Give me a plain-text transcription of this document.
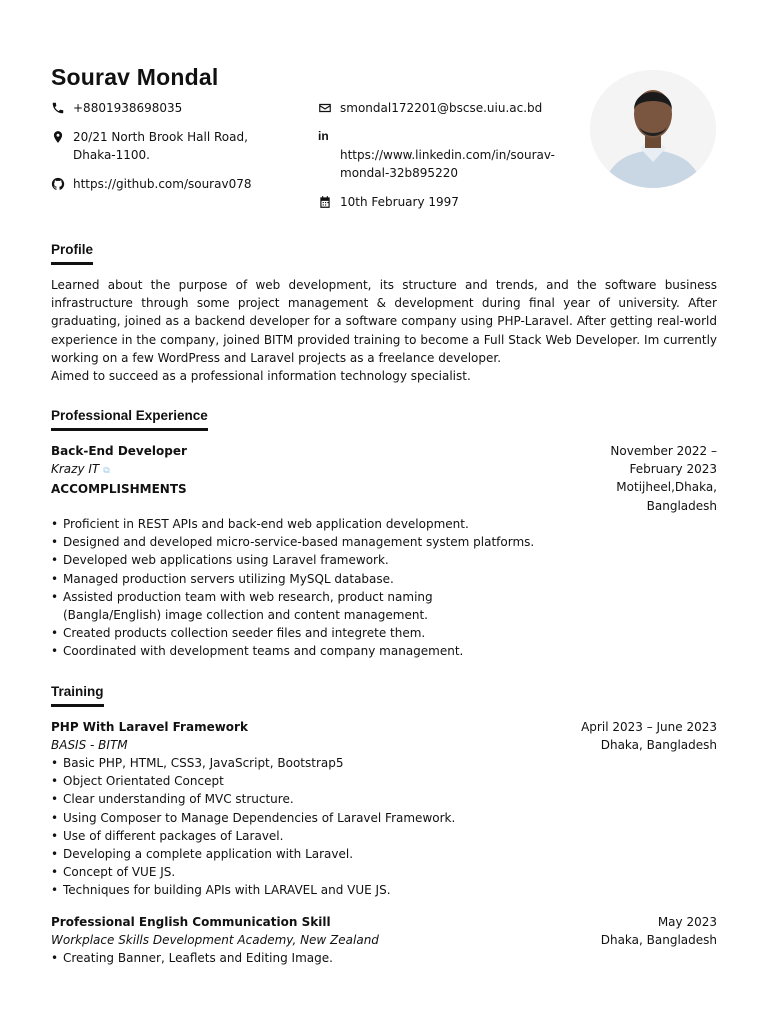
Sourav Mondal
+8801938698035
20/21 North Brook Hall Road,
Dhaka-1100.
https://github.com/sourav078
smondal172201@bscse.uiu.ac.bd
in
https://www.linkedin.com/in/sourav-
mondal-32b895220
10th February 1997
Profile

Learned about the purpose of web development, its structure and trends, and the software business infrastructure through some project management & development during final year of university. After graduating, joined as a backend developer for a software company using PHP-Laravel. After getting real-world experience in the company, joined BITM provided training to become a Full Stack Web Developer. Im currently working on a few WordPress and Laravel projects as a freelance developer.

Aimed to succeed as a professional information technology specialist.

Professional Experience
Back-End Developer
Krazy IT ⧉
ACCOMPLISHMENTS
November 2022 –
February 2023
Motijheel,Dhaka,
Bangladesh
• Proficient in REST APIs and back-end web application development.
• Designed and developed micro-service-based management system platforms.
• Developed web applications using Laravel framework.
• Managed production servers utilizing MySQL database.
• Assisted production team with web research, product naming (Bangla/English) image collection and content management.
• Created products collection seeder files and integrete them.
• Coordinated with development teams and company management.
Training
PHP With Laravel Framework
BASIS - BITM
April 2023 – June 2023
Dhaka, Bangladesh
• Basic PHP, HTML, CSS3, JavaScript, Bootstrap5
• Object Orientated Concept
• Clear understanding of MVC structure.
• Using Composer to Manage Dependencies of Laravel Framework.
• Use of different packages of Laravel.
• Developing a complete application with Laravel.
• Concept of VUE JS.
• Techniques for building APIs with LARAVEL and VUE JS.
Professional English Communication Skill
Workplace Skills Development Academy, New Zealand
May 2023
Dhaka, Bangladesh
• Creating Banner, Leaflets and Editing Image.
